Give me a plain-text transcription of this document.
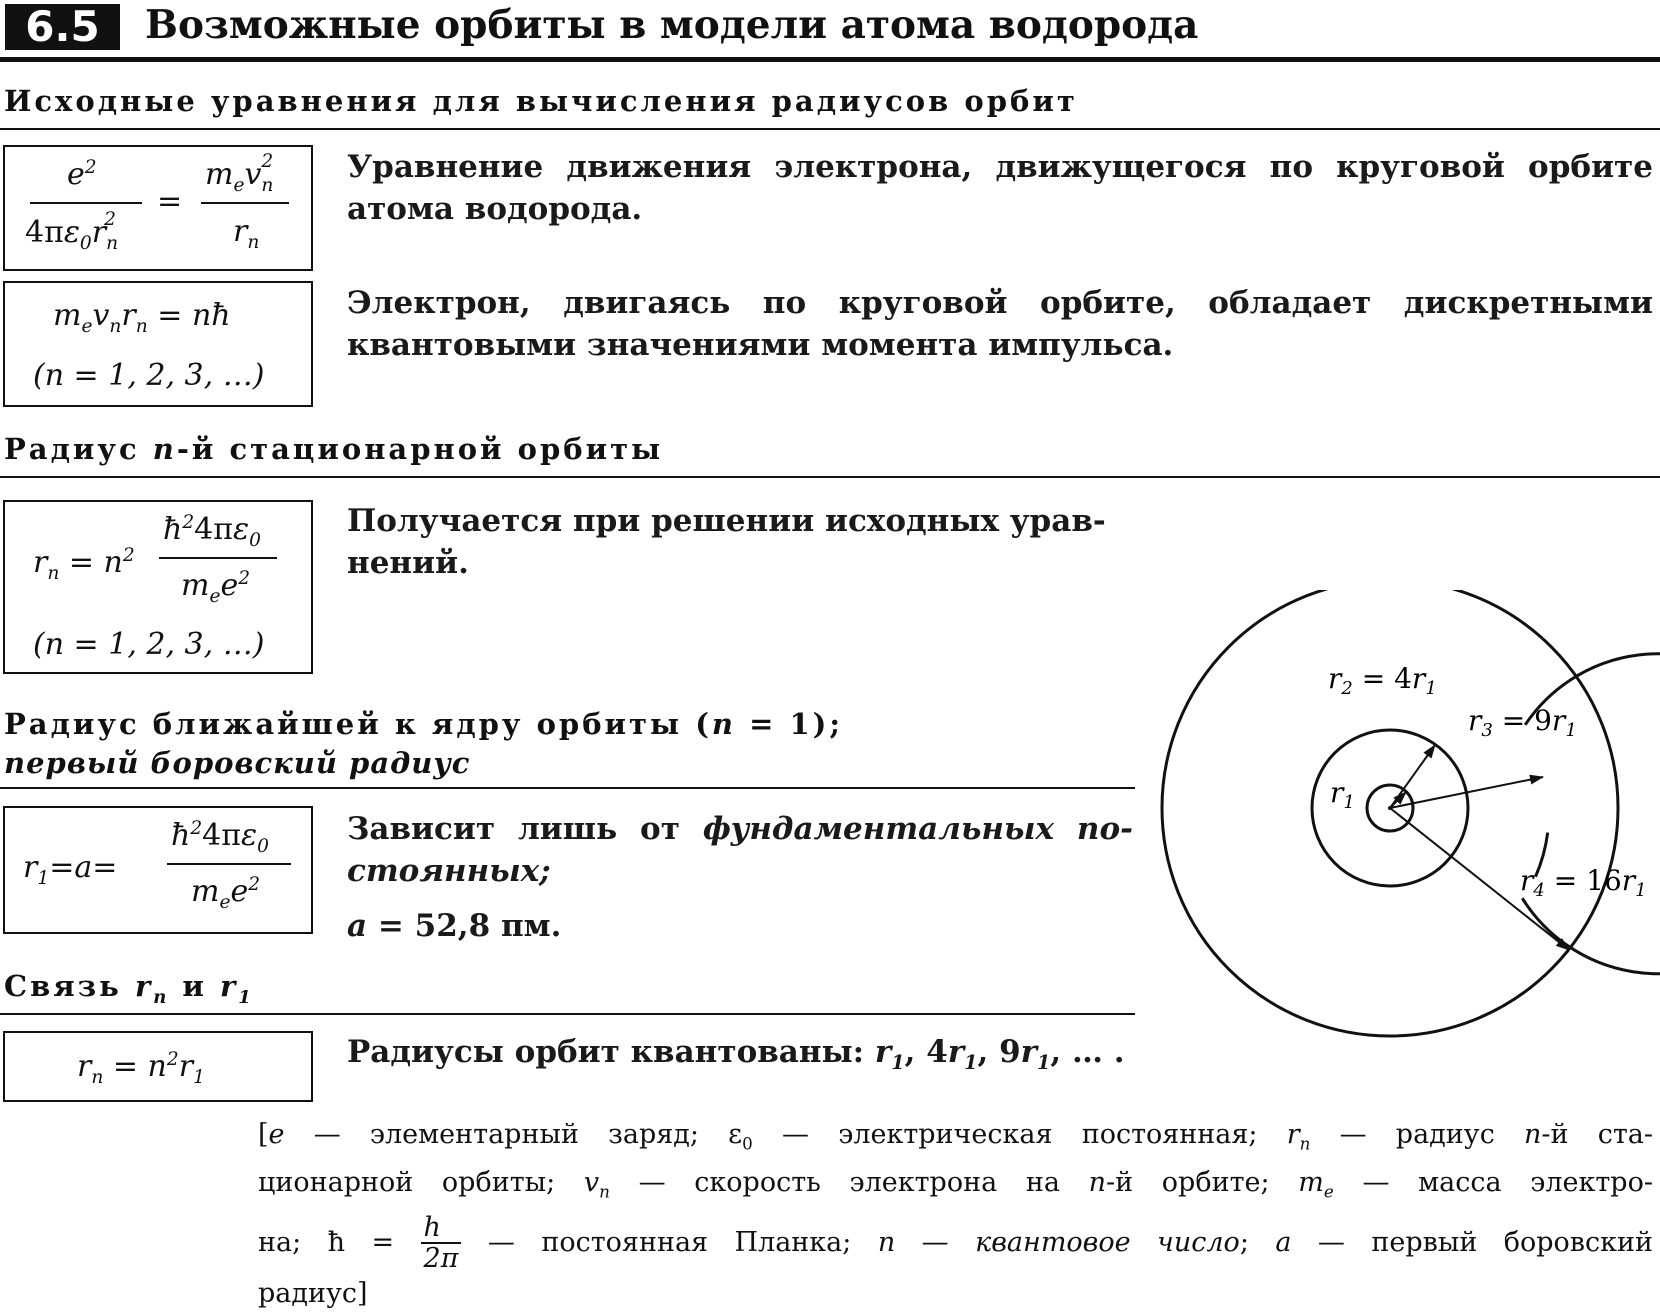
6.5	Возможные орбиты в модели атома водорода
Исходные уравнения для вычисления радиусов орбит
$e^2$
$4\pi\varepsilon_0r_n^2$
=
$m_ev_n^2$
$r_n$
Уравнение движения электрона, движущегося по круговой орбите
атома водорода.
$m_ev_nr_n$ = nħ
(n = 1, 2, 3, …)
Электрон, двигаясь по круговой орбите, обладает дискретными
квантовыми значениями момента импульса.
Радиус n-й стационарной орбиты
$r_n = n^2$
$ħ^24\pi\varepsilon_0$
$m_ee^2$
(n = 1, 2, 3, …)
Получается при решении исходных урав-
нений.
Радиус ближайшей к ядру орбиты (n = 1);
первый боровский радиус
$r_1=a=$
$ħ^24\pi\varepsilon_0$
$m_ee^2$
Зависит лишь от фундаментальных по-
стоянных;
a = 52,8 пм.
Связь $r_n$ и $r_1$
$r_n = n^2r_1$
Радиусы орбит квантованы: $r_1$, $4r_1$, $9r_1$, … .
$r_1$
$r_2 = 4r_1$
$r_3 = 9r_1$
$r_4 = 16r_1$
[e — элементарный заряд; $\varepsilon_0$ — электрическая постоянная; $r_n$ — радиус n-й ста-
ционарной орбиты; $v_n$ — скорость электрона на n-й орбите; $m_e$ — масса электро-
на; ħ = $\frac{h}{2\pi}$ — постоянная Планка; n — квантовое число; a — первый боровский
радиус]
